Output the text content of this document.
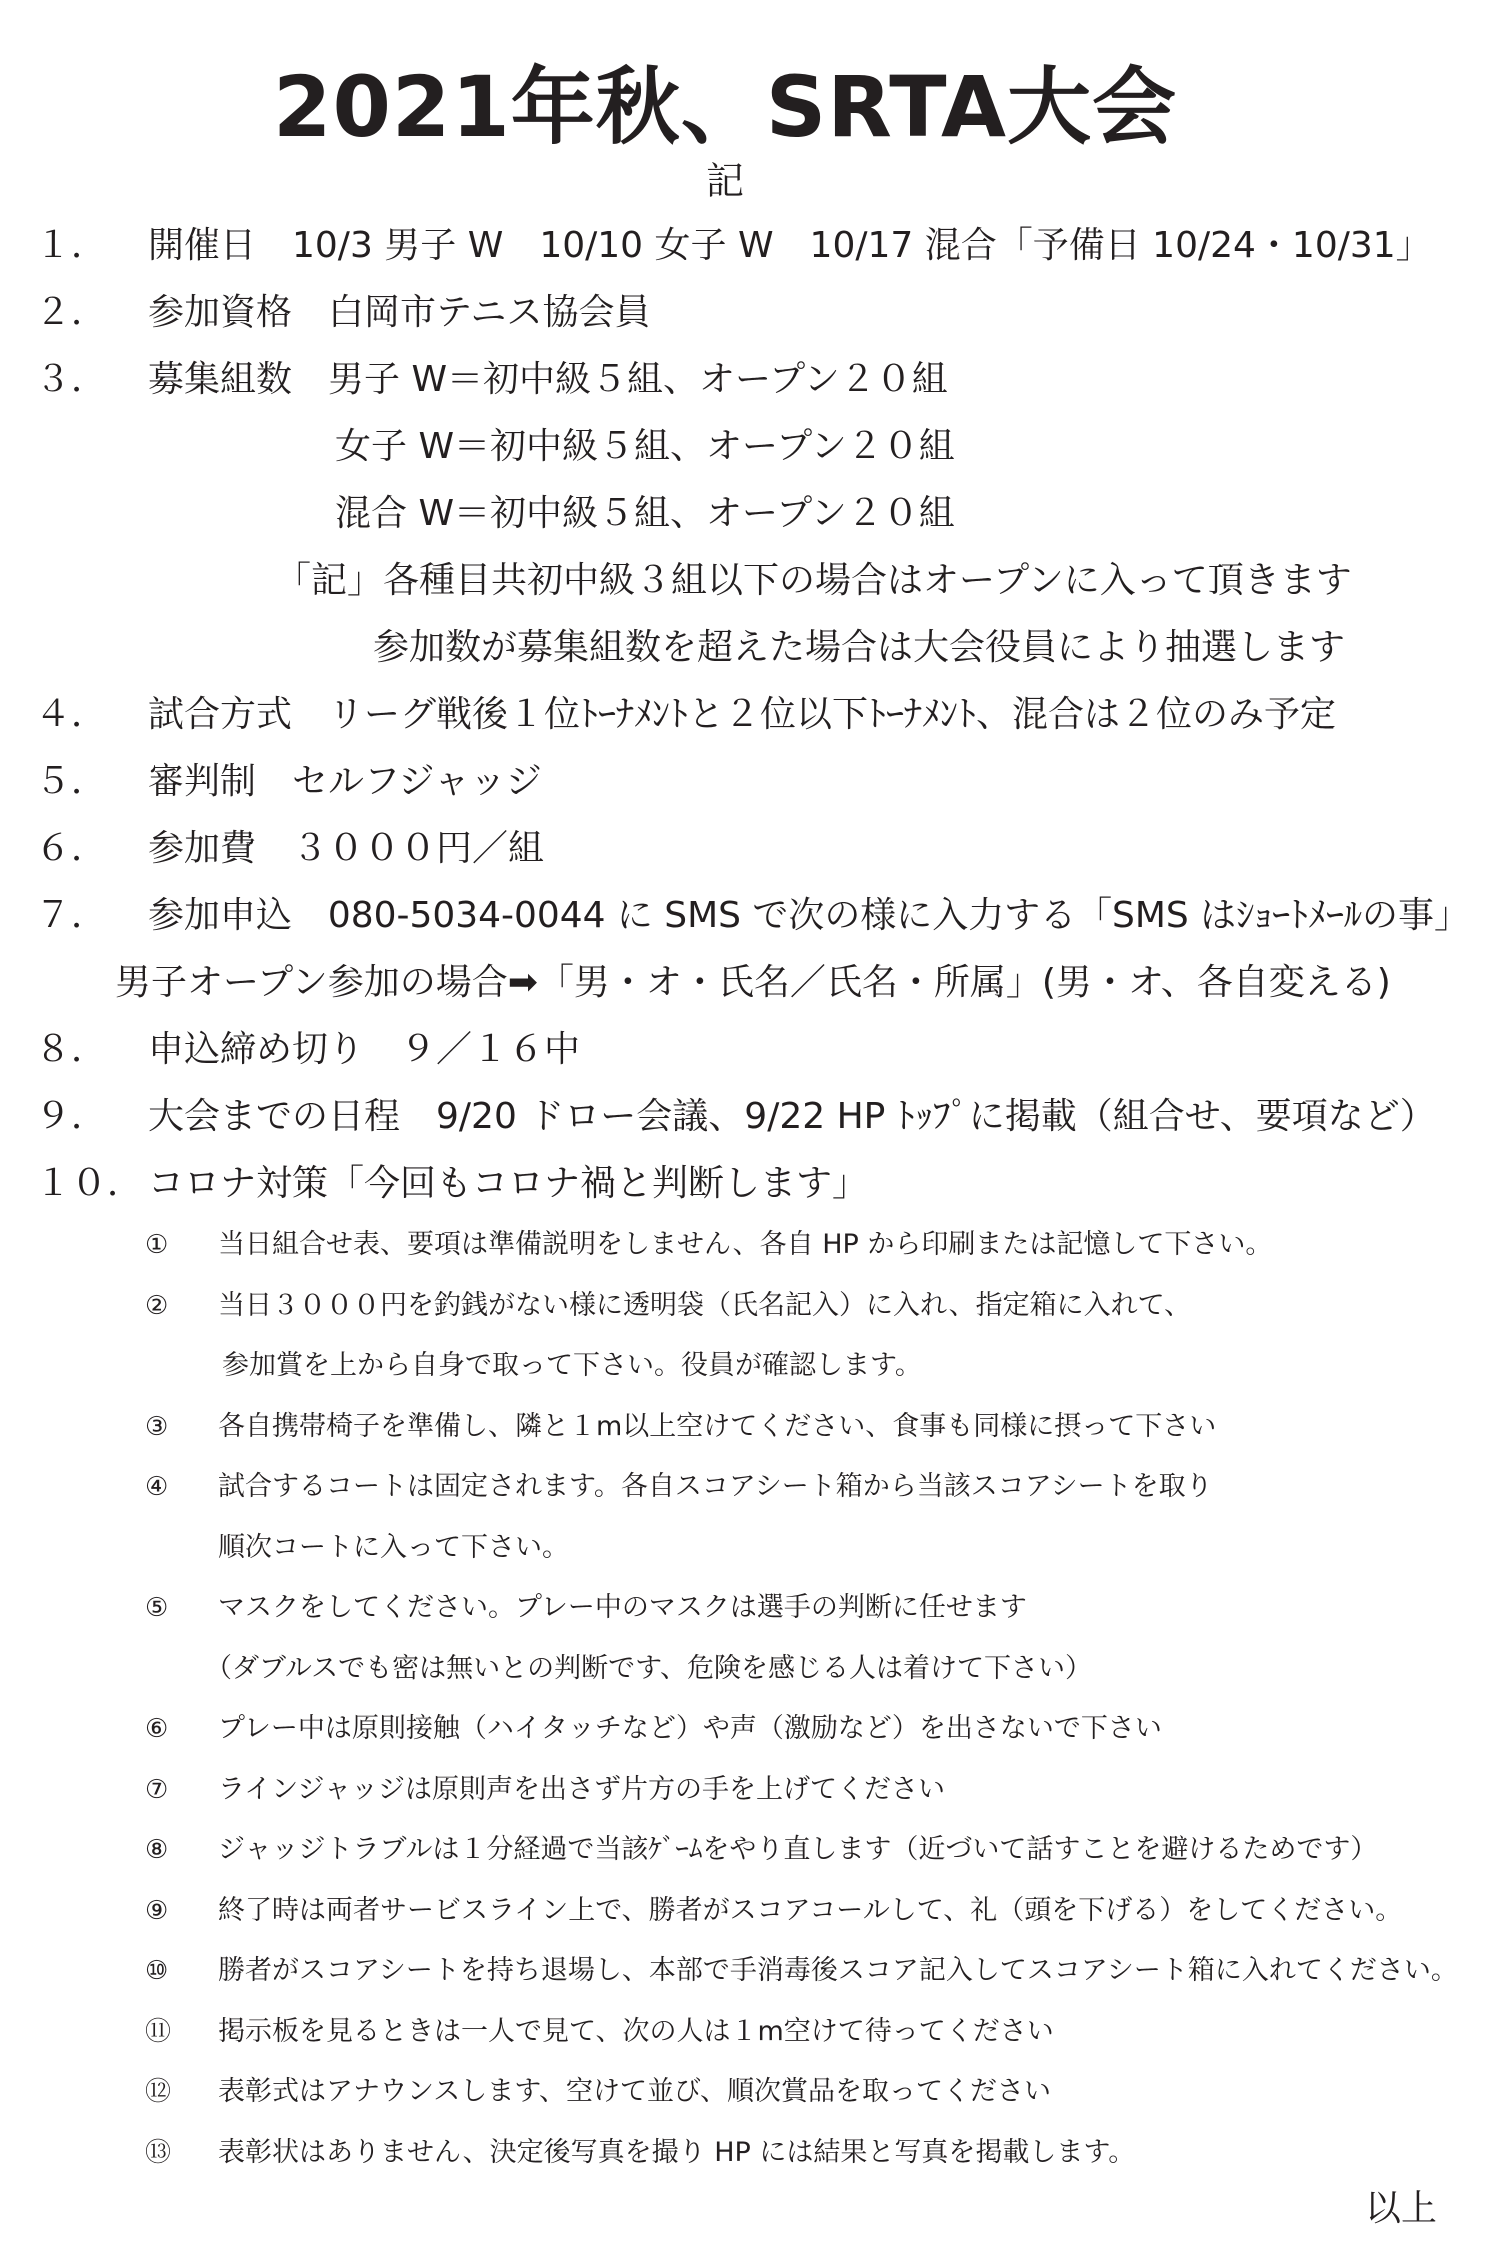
2021年秋、SRTA大会
記
１． 開催日　10/3 男子 W　10/10 女子 W　10/17 混合「予備日 10/24・10/31」
２． 参加資格　白岡市テニス協会員
３． 募集組数　男子 W＝初中級５組、オープン２０組
女子 W＝初中級５組、オープン２０組
混合 W＝初中級５組、オープン２０組
「記」各種目共初中級３組以下の場合はオープンに入って頂きます
参加数が募集組数を超えた場合は大会役員により抽選します
４． 試合方式　リーグ戦後１位ﾄｰﾅﾒﾝﾄと２位以下ﾄｰﾅﾒﾝﾄ、混合は２位のみ予定
５． 審判制　セルフジャッジ
６． 参加費　３０００円／組
７． 参加申込　080-5034-0044 に SMS で次の様に入力する「SMS はｼｮｰﾄﾒｰﾙの事」
男子オープン参加の場合➡「男・オ・氏名／氏名・所属」(男・オ、各自変える)
８． 申込締め切り　９／１６中
９． 大会までの日程　9/20 ドロー会議、9/22 HP ﾄｯﾌﾟに掲載（組合せ、要項など）
１０． コロナ対策「今回もコロナ禍と判断します」
① 当日組合せ表、要項は準備説明をしません、各自 HP から印刷または記憶して下さい。
② 当日３０００円を釣銭がない様に透明袋（氏名記入）に入れ、指定箱に入れて、
参加賞を上から自身で取って下さい。役員が確認します。
③ 各自携帯椅子を準備し、隣と１m以上空けてください、食事も同様に摂って下さい
④ 試合するコートは固定されます。各自スコアシート箱から当該スコアシートを取り
順次コートに入って下さい。
⑤ マスクをしてください。プレー中のマスクは選手の判断に任せます
（ダブルスでも密は無いとの判断です、危険を感じる人は着けて下さい）
⑥ プレー中は原則接触（ハイタッチなど）や声（激励など）を出さないで下さい
⑦ ラインジャッジは原則声を出さず片方の手を上げてください
⑧ ジャッジトラブルは１分経過で当該ｹﾞｰﾑをやり直します（近づいて話すことを避けるためです）
⑨ 終了時は両者サービスライン上で、勝者がスコアコールして、礼（頭を下げる）をしてください。
⑩ 勝者がスコアシートを持ち退場し、本部で手消毒後スコア記入してスコアシート箱に入れてください。
⑪ 掲示板を見るときは一人で見て、次の人は１m空けて待ってください
⑫ 表彰式はアナウンスします、空けて並び、順次賞品を取ってください
⑬ 表彰状はありません、決定後写真を撮り HP には結果と写真を掲載します。
以上
